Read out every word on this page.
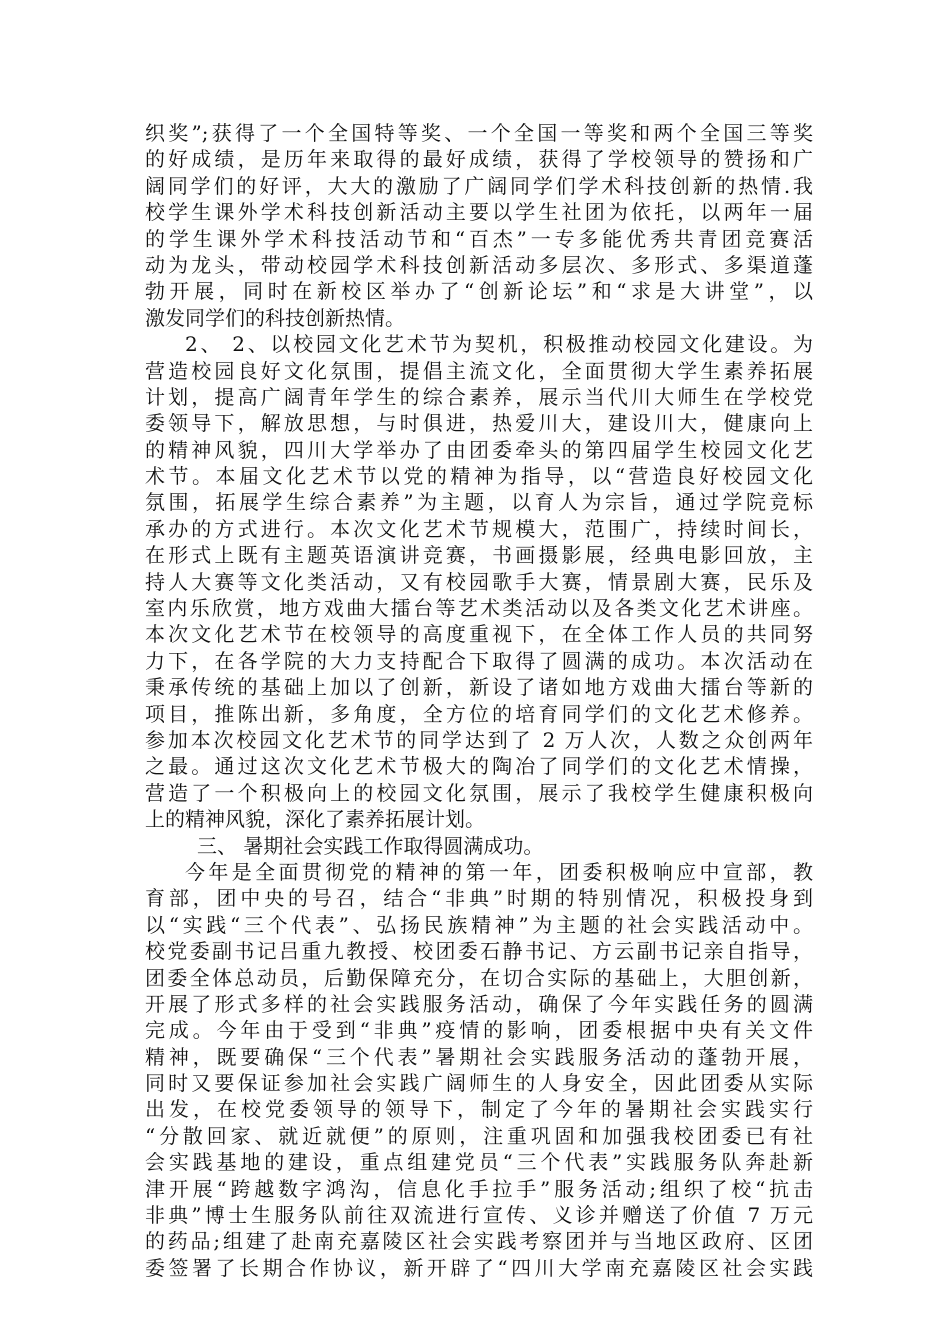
织奖”;获得了一个全国特等奖、一个全国一等奖和两个全国三等奖
的好成绩，是历年来取得的最好成绩，获得了学校领导的赞扬和广
阔同学们的好评，大大的激励了广阔同学们学术科技创新的热情.我
校学生课外学术科技创新活动主要以学生社团为依托，以两年一届
的学生课外学术科技活动节和“百杰”一专多能优秀共青团竞赛活
动为龙头，带动校园学术科技创新活动多层次、多形式、多渠道蓬
勃开展，同时在新校区举办了“创新论坛”和“求是大讲堂”，以
激发同学们的科技创新热情。
2、 2、以校园文化艺术节为契机，积极推动校园文化建设。为
营造校园良好文化氛围，提倡主流文化，全面贯彻大学生素养拓展
计划，提高广阔青年学生的综合素养，展示当代川大师生在学校党
委领导下，解放思想，与时俱进，热爱川大，建设川大，健康向上
的精神风貌，四川大学举办了由团委牵头的第四届学生校园文化艺
术节。本届文化艺术节以党的精神为指导，以“营造良好校园文化
氛围，拓展学生综合素养”为主题，以育人为宗旨，通过学院竞标
承办的方式进行。本次文化艺术节规模大，范围广，持续时间长，
在形式上既有主题英语演讲竞赛，书画摄影展，经典电影回放，主
持人大赛等文化类活动，又有校园歌手大赛，情景剧大赛，民乐及
室内乐欣赏，地方戏曲大擂台等艺术类活动以及各类文化艺术讲座。
本次文化艺术节在校领导的高度重视下，在全体工作人员的共同努
力下，在各学院的大力支持配合下取得了圆满的成功。本次活动在
秉承传统的基础上加以了创新，新设了诸如地方戏曲大擂台等新的
项目，推陈出新，多角度，全方位的培育同学们的文化艺术修养。
参加本次校园文化艺术节的同学达到了 2 万人次，人数之众创两年
之最。通过这次文化艺术节极大的陶冶了同学们的文化艺术情操，
营造了一个积极向上的校园文化氛围，展示了我校学生健康积极向
上的精神风貌，深化了素养拓展计划。
三、 暑期社会实践工作取得圆满成功。
今年是全面贯彻党的精神的第一年，团委积极响应中宣部，教
育部，团中央的号召，结合“非典”时期的特别情况，积极投身到
以“实践“三个代表”、弘扬民族精神”为主题的社会实践活动中。
校党委副书记吕重九教授、校团委石静书记、方云副书记亲自指导，
团委全体总动员，后勤保障充分，在切合实际的基础上，大胆创新，
开展了形式多样的社会实践服务活动，确保了今年实践任务的圆满
完成。今年由于受到“非典”疫情的影响，团委根据中央有关文件
精神，既要确保“三个代表”暑期社会实践服务活动的蓬勃开展，
同时又要保证参加社会实践广阔师生的人身安全，因此团委从实际
出发，在校党委领导的领导下，制定了今年的暑期社会实践实行
“分散回家、就近就便”的原则，注重巩固和加强我校团委已有社
会实践基地的建设，重点组建党员“三个代表”实践服务队奔赴新
津开展“跨越数字鸿沟，信息化手拉手”服务活动;组织了校“抗击
非典”博士生服务队前往双流进行宣传、义诊并赠送了价值 7 万元
的药品;组建了赴南充嘉陵区社会实践考察团并与当地区政府、区团
委签署了长期合作协议，新开辟了“四川大学南充嘉陵区社会实践
